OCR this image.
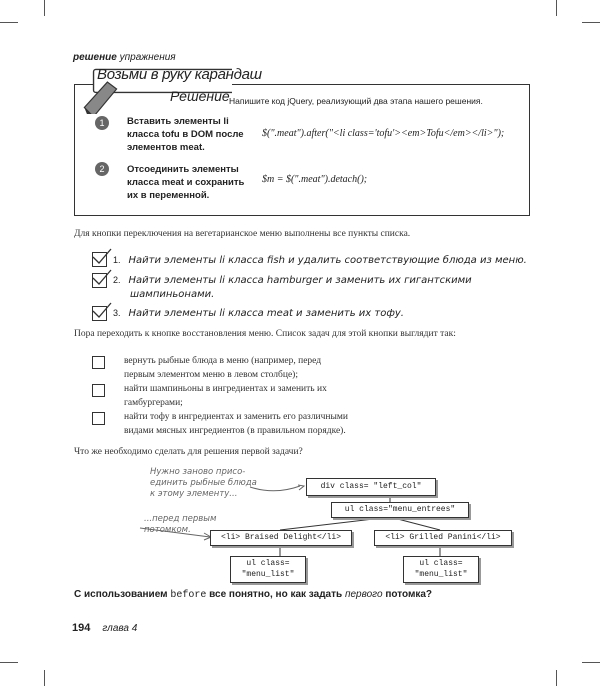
решение упражнения
Возьми в руку карандаш
Решение Напишите код jQuery, реализующий два этапа нашего решения.
1	Вставить элементы li класса tofu в DOM после элементов meat.
$(".meat").after("<li class='tofu'><em>Tofu</em></li>");
2	Отсоединить элементы класса meat и сохранить их в переменной.
$m = $(".meat").detach();
Для кнопки переключения на вегетарианское меню выполнены все пункты списка.
1. Найти элементы li класса fish и удалить соответствующие блюда из меню.
2. Найти элементы li класса hamburger и заменить их гигантскими
шампиньонами.
3. Найти элементы li класса meat и заменить их тофу.
Пора переходить к кнопке восстановления меню. Список задач для этой кнопки выглядит так:
вернуть рыбные блюда в меню (например, перед
первым элементом меню в левом столбце);
найти шампиньоны в ингредиентах и заменить их
гамбургерами;
найти тофу в ингредиентах и заменить его различными
видами мясных ингредиентов (в правильном порядке).
Что же необходимо сделать для решения первой задачи?
Нужно заново присо-
единить рыбные блюда
к этому элементу...
...перед первым
потомком.
div class= "left_col"
ul class="menu_entrees"
<li> Braised Delight</li>	<li> Grilled Panini</li>
ul class=
"menu_list"
ul class=
"menu_list"
С использованием before все понятно, но как задать первого потомка?
194 глава 4
